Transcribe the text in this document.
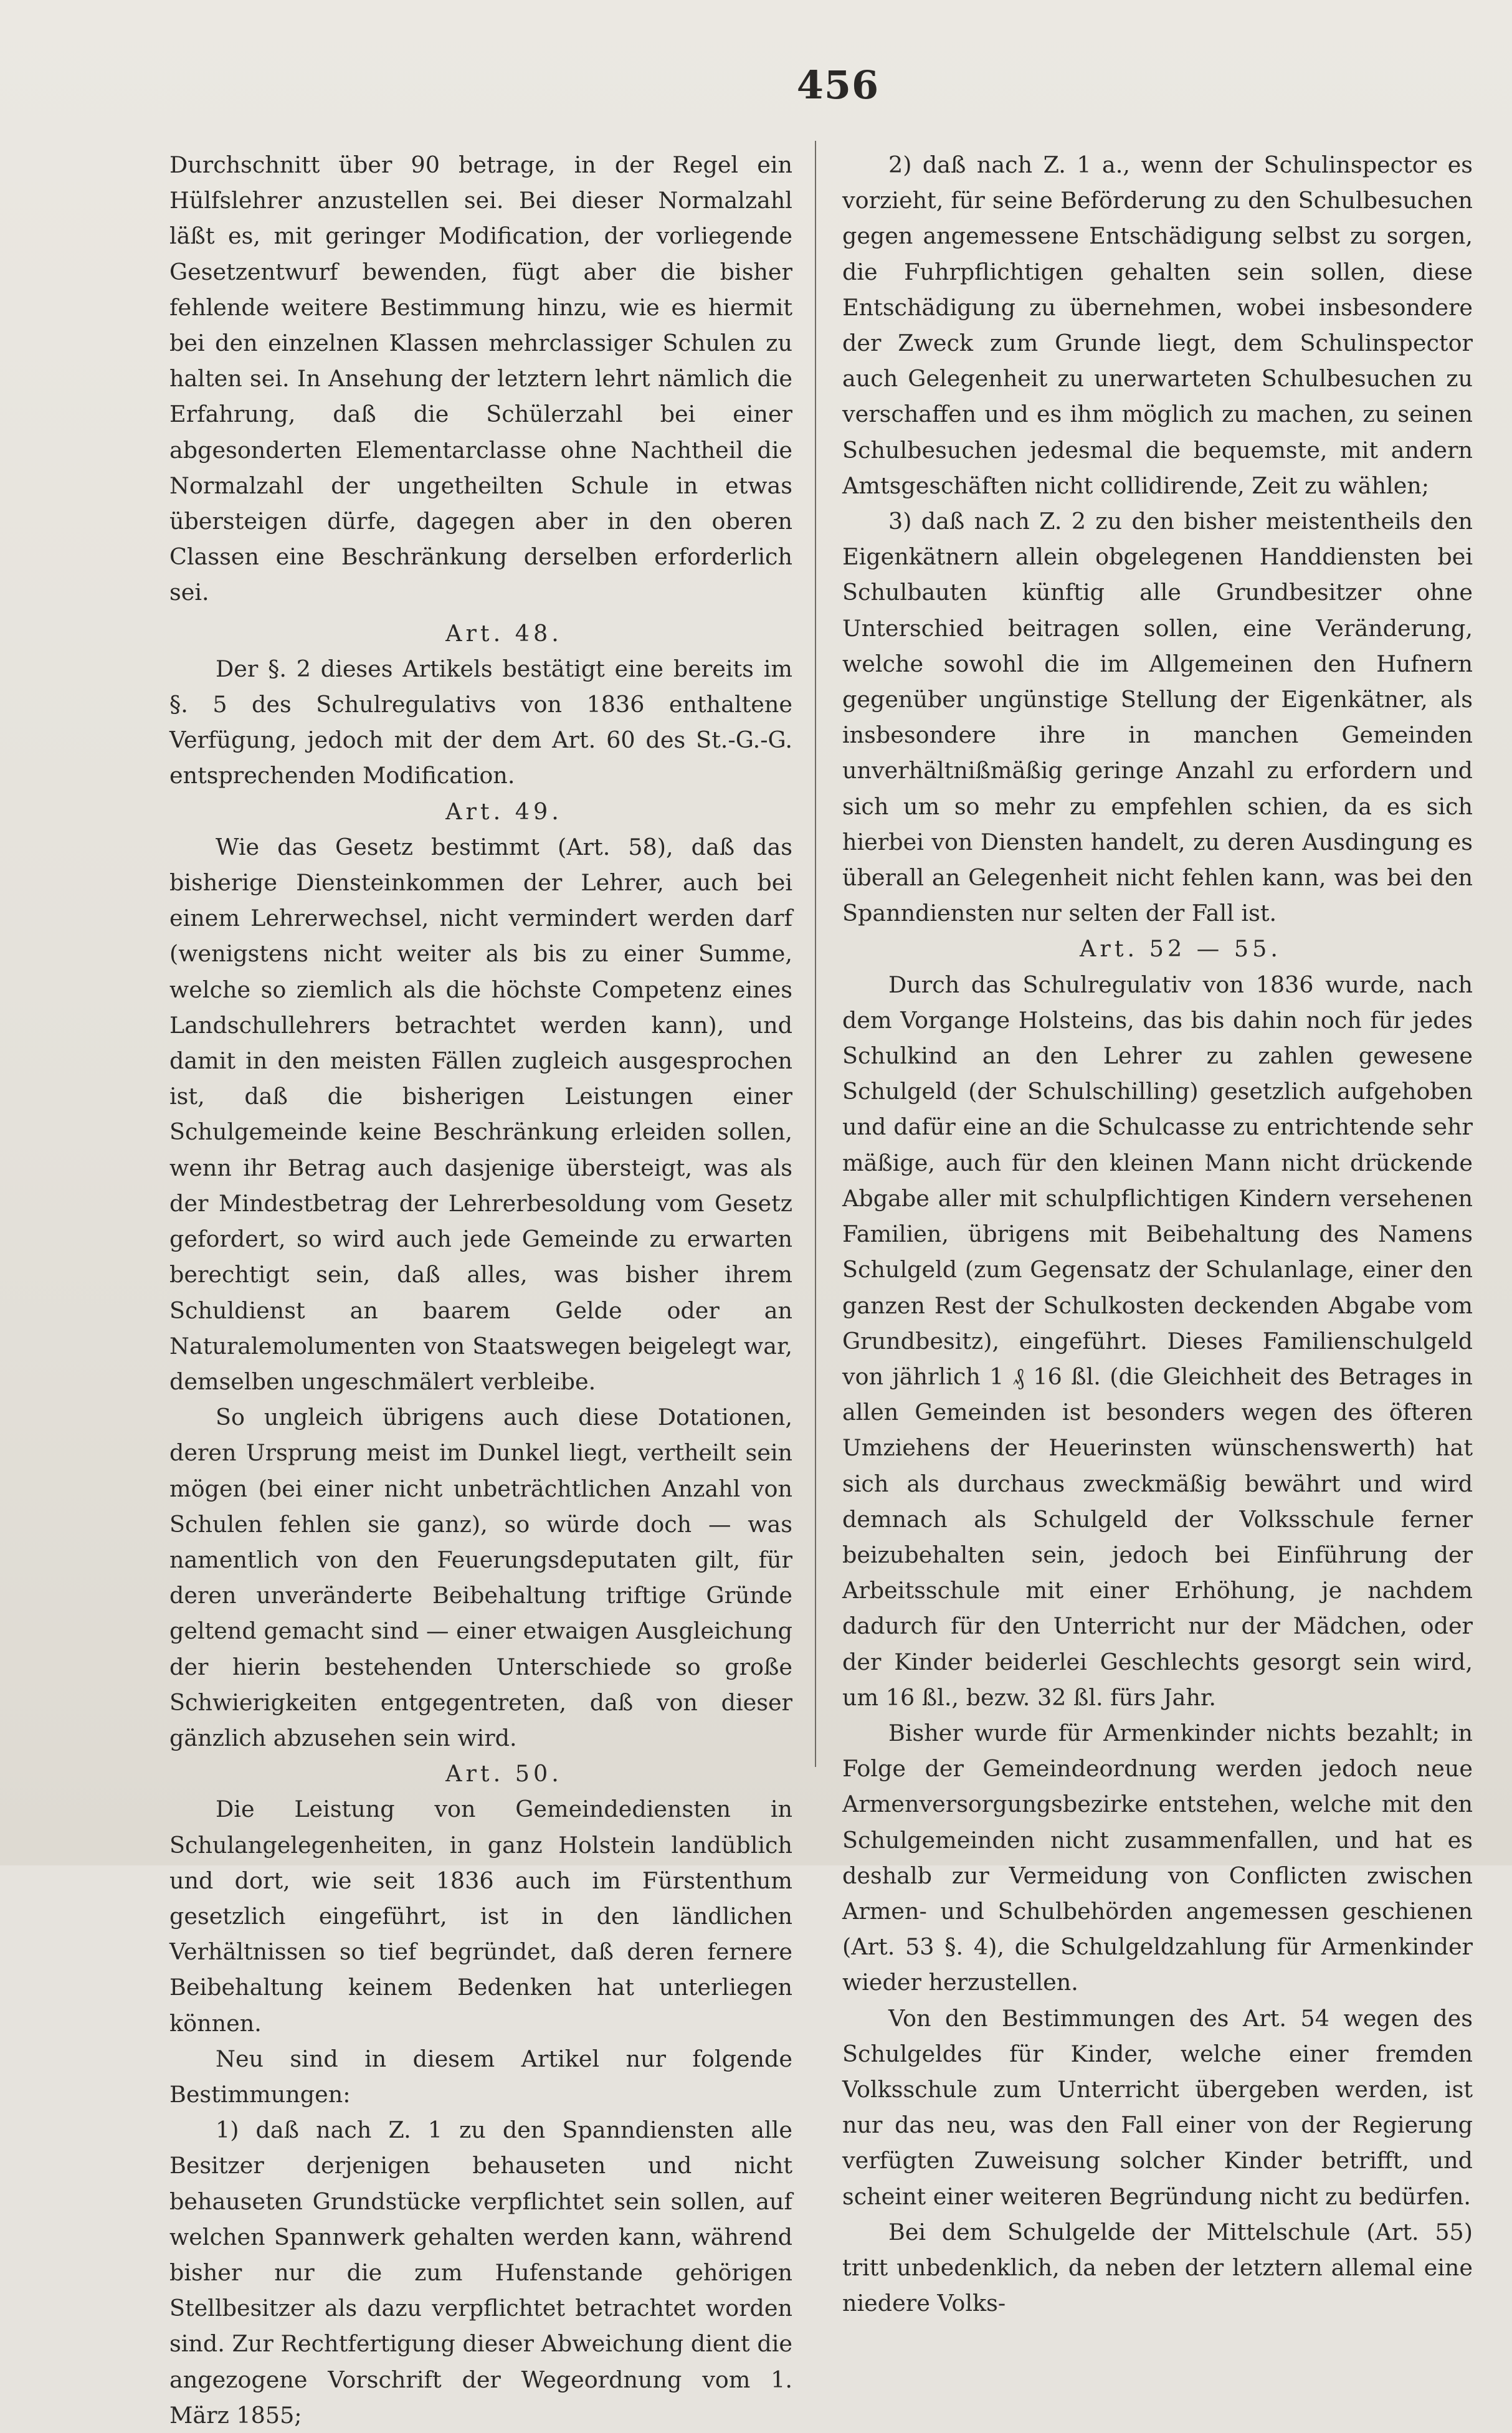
456

Durchschnitt über 90 betrage, in der Regel ein Hülfslehrer anzustellen sei. Bei dieser Normalzahl läßt es, mit geringer Modification, der vorliegende Gesetzentwurf bewenden, fügt aber die bisher fehlende weitere Bestimmung hinzu, wie es hiermit bei den einzelnen Klassen mehrclassiger Schulen zu halten sei. In Ansehung der letztern lehrt nämlich die Erfahrung, daß die Schülerzahl bei einer abgesonderten Elementarclasse ohne Nachtheil die Normalzahl der ungetheilten Schule in etwas übersteigen dürfe, dagegen aber in den oberen Classen eine Beschränkung derselben erforderlich sei.

Art. 48.

Der §. 2 dieses Artikels bestätigt eine bereits im §. 5 des Schulregulativs von 1836 enthaltene Verfügung, jedoch mit der dem Art. 60 des St.-G.-G. entsprechenden Modification.

Art. 49.

Wie das Gesetz bestimmt (Art. 58), daß das bisherige Diensteinkommen der Lehrer, auch bei einem Lehrerwechsel, nicht vermindert werden darf (wenigstens nicht weiter als bis zu einer Summe, welche so ziemlich als die höchste Competenz eines Landschullehrers betrachtet werden kann), und damit in den meisten Fällen zugleich ausgesprochen ist, daß die bisherigen Leistungen einer Schulgemeinde keine Beschränkung erleiden sollen, wenn ihr Betrag auch dasjenige übersteigt, was als der Mindestbetrag der Lehrerbesoldung vom Gesetz gefordert, so wird auch jede Gemeinde zu erwarten berechtigt sein, daß alles, was bisher ihrem Schuldienst an baarem Gelde oder an Naturalemolumenten von Staatswegen beigelegt war, demselben ungeschmälert verbleibe.

So ungleich übrigens auch diese Dotationen, deren Ursprung meist im Dunkel liegt, vertheilt sein mögen (bei einer nicht unbeträchtlichen Anzahl von Schulen fehlen sie ganz), so würde doch — was namentlich von den Feuerungsdeputaten gilt, für deren unveränderte Beibehaltung triftige Gründe geltend gemacht sind — einer etwaigen Ausgleichung der hierin bestehenden Unterschiede so große Schwierigkeiten entgegentreten, daß von dieser gänzlich abzusehen sein wird.

Art. 50.

Die Leistung von Gemeindediensten in Schulangelegenheiten, in ganz Holstein landüblich und dort, wie seit 1836 auch im Fürstenthum gesetzlich eingeführt, ist in den ländlichen Verhältnissen so tief begründet, daß deren fernere Beibehaltung keinem Bedenken hat unterliegen können.

Neu sind in diesem Artikel nur folgende Bestimmungen:

1) daß nach Z. 1 zu den Spanndiensten alle Besitzer derjenigen behauseten und nicht behauseten Grundstücke verpflichtet sein sollen, auf welchen Spannwerk gehalten werden kann, während bisher nur die zum Hufenstande gehörigen Stellbesitzer als dazu verpflichtet betrachtet worden sind. Zur Rechtfertigung dieser Abweichung dient die angezogene Vorschrift der Wegeordnung vom 1. März 1855;

2) daß nach Z. 1 a., wenn der Schulinspector es vorzieht, für seine Beförderung zu den Schulbesuchen gegen angemessene Entschädigung selbst zu sorgen, die Fuhrpflichtigen gehalten sein sollen, diese Entschädigung zu übernehmen, wobei insbesondere der Zweck zum Grunde liegt, dem Schulinspector auch Gelegenheit zu unerwarteten Schulbesuchen zu verschaffen und es ihm möglich zu machen, zu seinen Schulbesuchen jedesmal die bequemste, mit andern Amtsgeschäften nicht collidirende, Zeit zu wählen;

3) daß nach Z. 2 zu den bisher meistentheils den Eigenkätnern allein obgelegenen Handdiensten bei Schulbauten künftig alle Grundbesitzer ohne Unterschied beitragen sollen, eine Veränderung, welche sowohl die im Allgemeinen den Hufnern gegenüber ungünstige Stellung der Eigenkätner, als insbesondere ihre in manchen Gemeinden unverhältnißmäßig geringe Anzahl zu erfordern und sich um so mehr zu empfehlen schien, da es sich hierbei von Diensten handelt, zu deren Ausdingung es überall an Gelegenheit nicht fehlen kann, was bei den Spanndiensten nur selten der Fall ist.

Art. 52 — 55.

Durch das Schulregulativ von 1836 wurde, nach dem Vorgange Holsteins, das bis dahin noch für jedes Schulkind an den Lehrer zu zahlen gewesene Schulgeld (der Schulschilling) gesetzlich aufgehoben und dafür eine an die Schulcasse zu entrichtende sehr mäßige, auch für den kleinen Mann nicht drückende Abgabe aller mit schulpflichtigen Kindern versehenen Familien, übrigens mit Beibehaltung des Namens Schulgeld (zum Gegensatz der Schulanlage, einer den ganzen Rest der Schulkosten deckenden Abgabe vom Grundbesitz), eingeführt. Dieses Familienschulgeld von jährlich 1 ₰ 16 ßl. (die Gleichheit des Betrages in allen Gemeinden ist besonders wegen des öfteren Umziehens der Heuerinsten wünschenswerth) hat sich als durchaus zweckmäßig bewährt und wird demnach als Schulgeld der Volksschule ferner beizubehalten sein, jedoch bei Einführung der Arbeitsschule mit einer Erhöhung, je nachdem dadurch für den Unterricht nur der Mädchen, oder der Kinder beiderlei Geschlechts gesorgt sein wird, um 16 ßl., bezw. 32 ßl. fürs Jahr.

Bisher wurde für Armenkinder nichts bezahlt; in Folge der Gemeindeordnung werden jedoch neue Armenversorgungsbezirke entstehen, welche mit den Schulgemeinden nicht zusammenfallen, und hat es deshalb zur Vermeidung von Conflicten zwischen Armen- und Schulbehörden angemessen geschienen (Art. 53 §. 4), die Schulgeldzahlung für Armenkinder wieder herzustellen.

Von den Bestimmungen des Art. 54 wegen des Schulgeldes für Kinder, welche einer fremden Volksschule zum Unterricht übergeben werden, ist nur das neu, was den Fall einer von der Regierung verfügten Zuweisung solcher Kinder betrifft, und scheint einer weiteren Begründung nicht zu bedürfen.

Bei dem Schulgelde der Mittelschule (Art. 55) tritt unbedenklich, da neben der letztern allemal eine niedere Volks-
